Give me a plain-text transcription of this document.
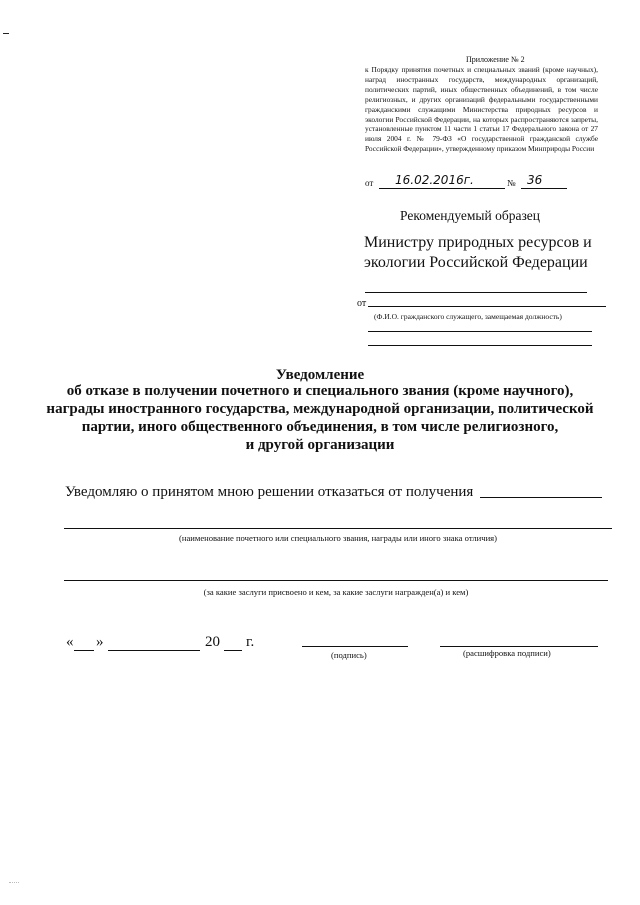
Приложение № 2
к Порядку принятия почетных и специальных званий (кроме научных), наград иностранных государств, международных организаций, политических партий, иных общественных объединений, в том числе религиозных, и других организаций федеральными государственными гражданскими служащими Министерства природных ресурсов и экологии Российской Федерации, на которых распространяются запреты, установленные пунктом 11 части 1 статьи 17 Федерального закона от 27 июля 2004 г. № 79-ФЗ «О государственной гражданской службе Российской Федерации», утвержденному приказом Минприроды России
от 16.02.2016г.	№ 36
Рекомендуемый образец
Министру природных ресурсов и
экологии Российской Федерации
от
(Ф.И.О. гражданского служащего, замещаемая должность)
Уведомление
об отказе в получении почетного и специального звания (кроме научного),
награды иностранного государства, международной организации, политической
партии, иного общественного объединения, в том числе религиозного,
и другой организации
Уведомляю о принятом мною решении отказаться от получения
(наименование почетного или специального звания, награды или иного знака отличия)
(за какие заслуги присвоено и кем, за какие заслуги награжден(а) и кем)
« »	20 г.
(подпись)	(расшифровка подписи)
